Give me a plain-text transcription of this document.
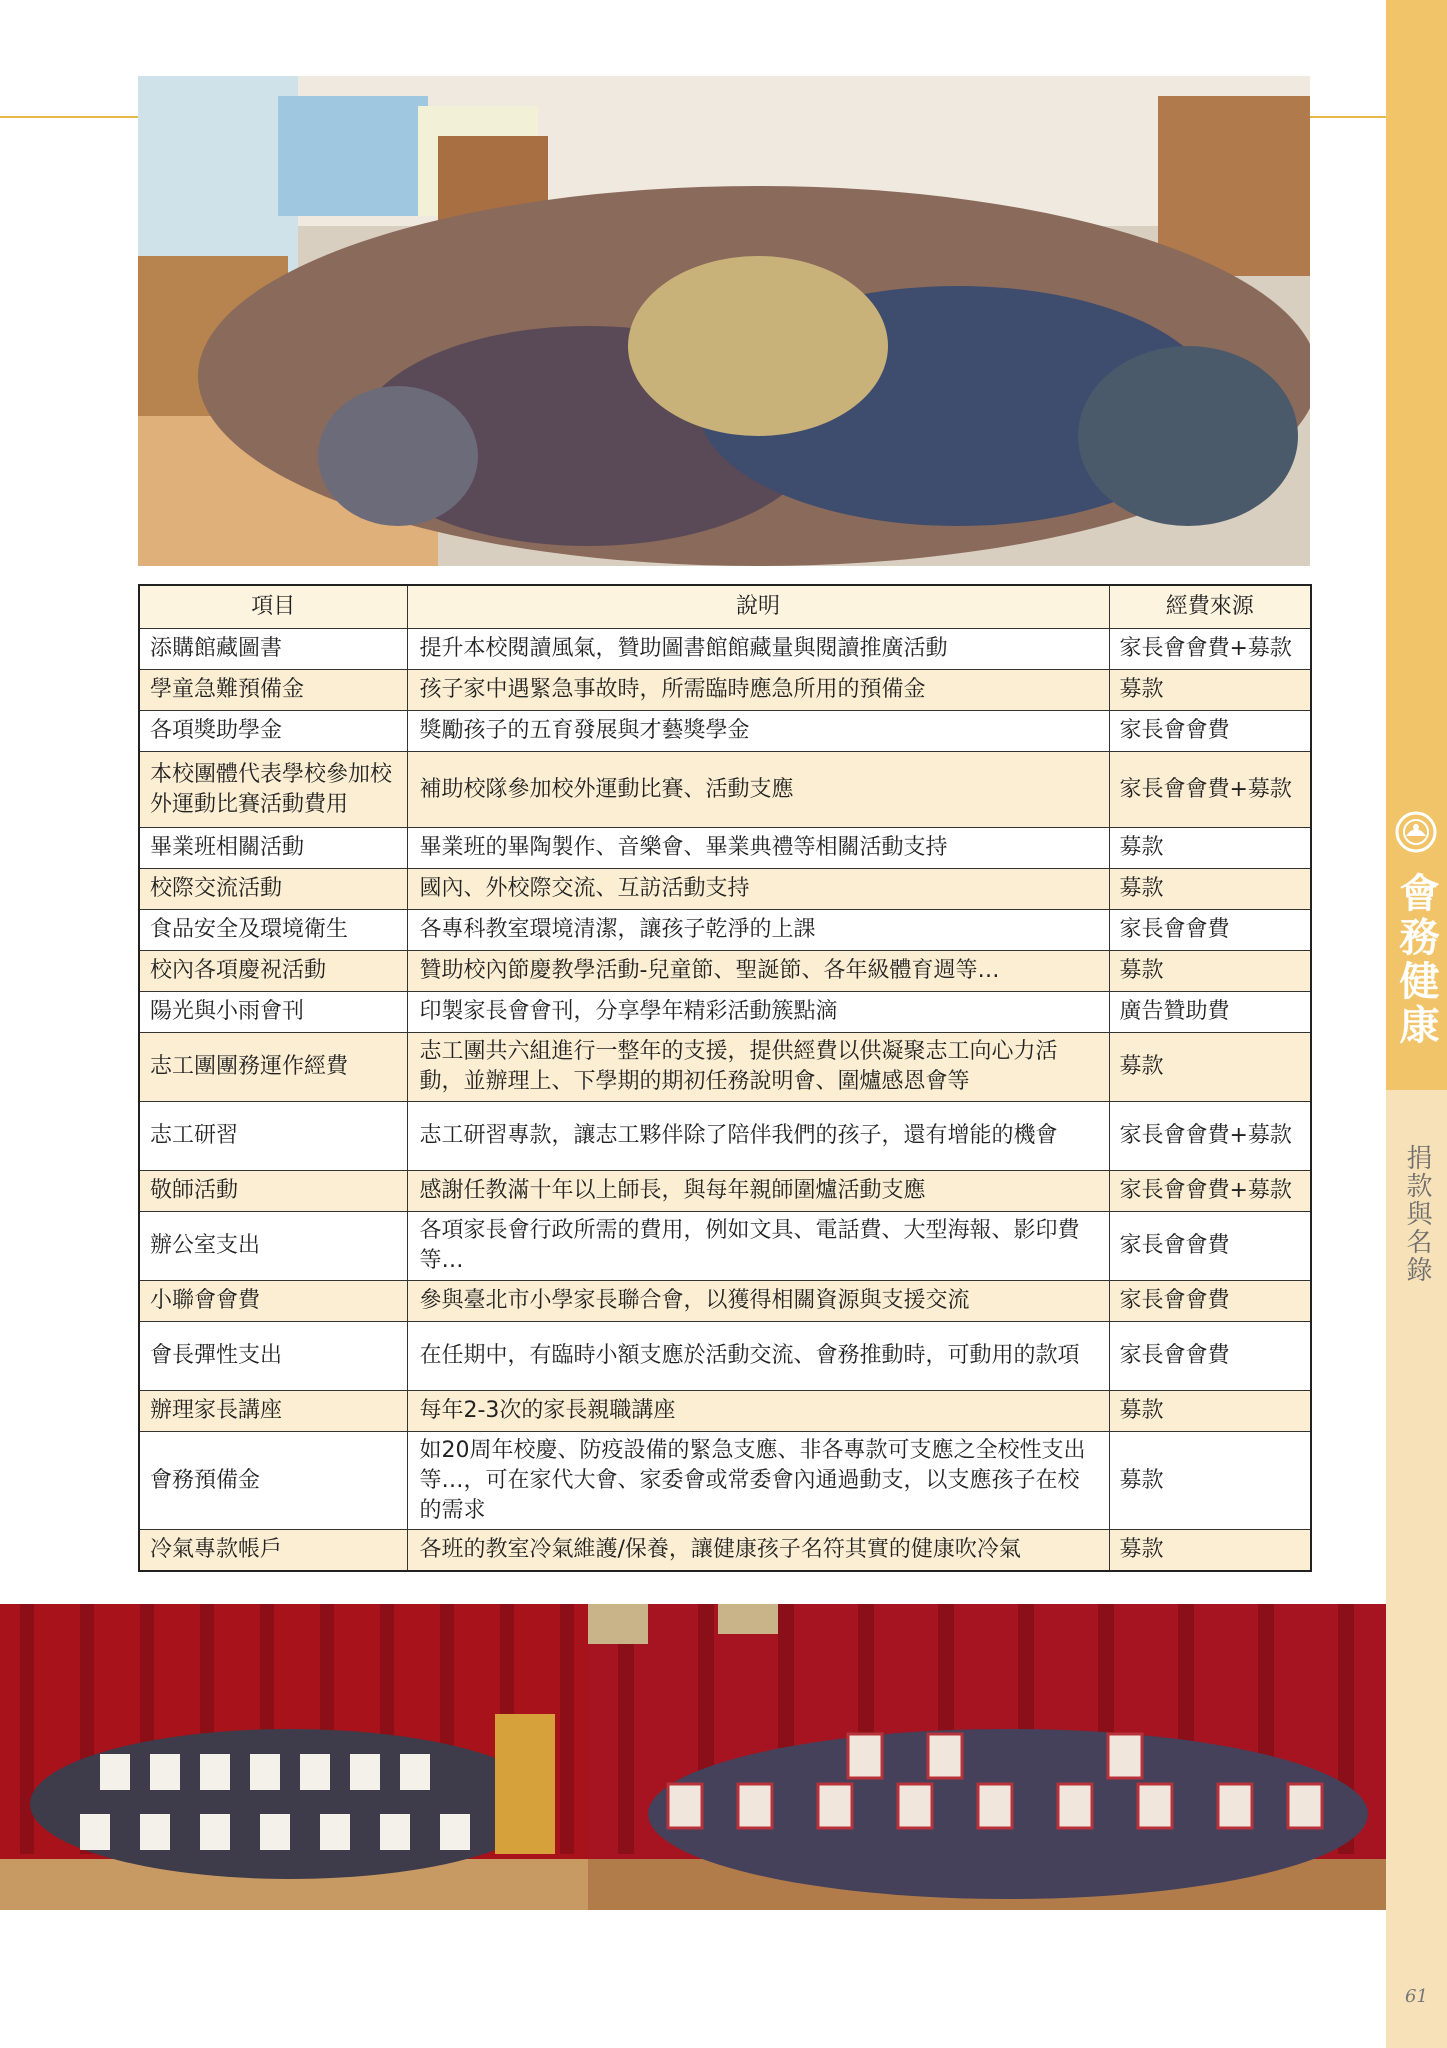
項目	說明	經費來源
添購館藏圖書	提升本校閱讀風氣，贊助圖書館館藏量與閱讀推廣活動	家長會會費+募款
學童急難預備金	孩子家中遇緊急事故時，所需臨時應急所用的預備金	募款
各項獎助學金	獎勵孩子的五育發展與才藝獎學金	家長會會費
本校團體代表學校參加校外運動比賽活動費用	補助校隊參加校外運動比賽、活動支應	家長會會費+募款
畢業班相關活動	畢業班的畢陶製作、音樂會、畢業典禮等相關活動支持	募款
校際交流活動	國內、外校際交流、互訪活動支持	募款
食品安全及環境衛生	各專科教室環境清潔，讓孩子乾淨的上課	家長會會費
校內各項慶祝活動	贊助校內節慶教學活動-兒童節、聖誕節、各年級體育週等…	募款
陽光與小雨會刊	印製家長會會刊，分享學年精彩活動簇點滴	廣告贊助費
志工團團務運作經費	志工團共六組進行一整年的支援，提供經費以供凝聚志工向心力活動，並辦理上、下學期的期初任務說明會、圍爐感恩會等	募款
志工研習	志工研習專款，讓志工夥伴除了陪伴我們的孩子，還有增能的機會	家長會會費+募款
敬師活動	感謝任教滿十年以上師長，與每年親師圍爐活動支應	家長會會費+募款
辦公室支出	各項家長會行政所需的費用，例如文具、電話費、大型海報、影印費等…	家長會會費
小聯會會費	參與臺北市小學家長聯合會，以獲得相關資源與支援交流	家長會會費
會長彈性支出	在任期中，有臨時小額支應於活動交流、會務推動時，可動用的款項	家長會會費
辦理家長講座	每年2-3次的家長親職講座	募款
會務預備金	如20周年校慶、防疫設備的緊急支應、非各專款可支應之全校性支出等…，可在家代大會、家委會或常委會內通過動支，以支應孩子在校的需求	募款
冷氣專款帳戶	各班的教室冷氣維護/保養，讓健康孩子名符其實的健康吹冷氣	募款
會務健康
捐款與名錄
61
